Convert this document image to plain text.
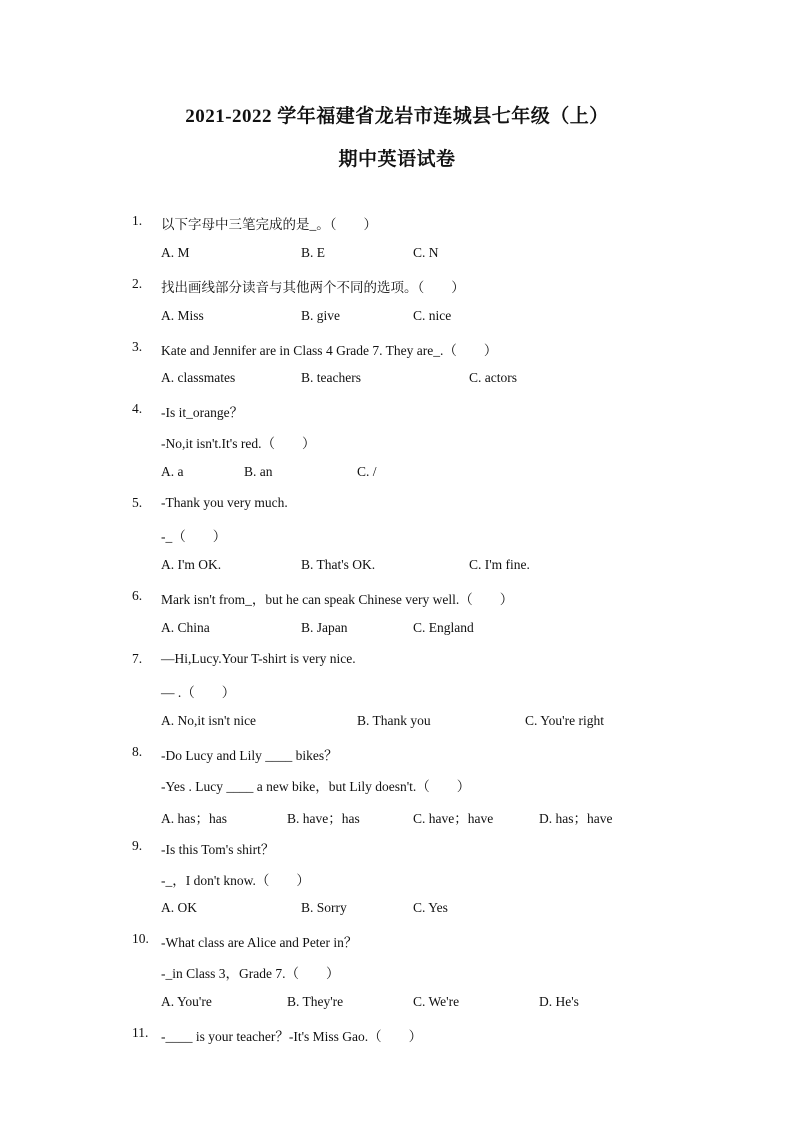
2021-2022 学年福建省龙岩市连城县七年级（上）
期中英语试卷
1.	以下字母中三笔完成的是_。（　　）
A. M	B. E	C. N
2.	找出画线部分读音与其他两个不同的选项。（　　）
A. Miss	B. give	C. nice
3.	Kate and Jennifer are in Class 4 Grade 7. They are_.（　　）
A. classmates	B. teachers	C. actors
4.	-Is it_orange？
-No,it isn't.It's red.（　　）
A. a	B. an	C. /
5.	-Thank you very much.
-_（　　）
A. I'm OK.	B. That's OK.	C. I'm fine.
6.	Mark isn't from_，but he can speak Chinese very well.（　　）
A. China	B. Japan	C. England
7.	—Hi,Lucy.Your T-shirt is very nice.
— .（　　）
A. No,it isn't nice	B. Thank you	C. You're right
8.	-Do Lucy and Lily ____ bikes？
-Yes . Lucy ____ a new bike，but Lily doesn't.（　　）
A. has；has	B. have；has	C. have；have	D. has；have
9.	-Is this Tom's shirt？
-_，I don't know.（　　）
A. OK	B. Sorry	C. Yes
10. -What class are Alice and Peter in？
-_in Class 3，Grade 7.（　　）
A. You're	B. They're	C. We're	D. He's
11. -____ is your teacher？-It's Miss Gao.（　　）
